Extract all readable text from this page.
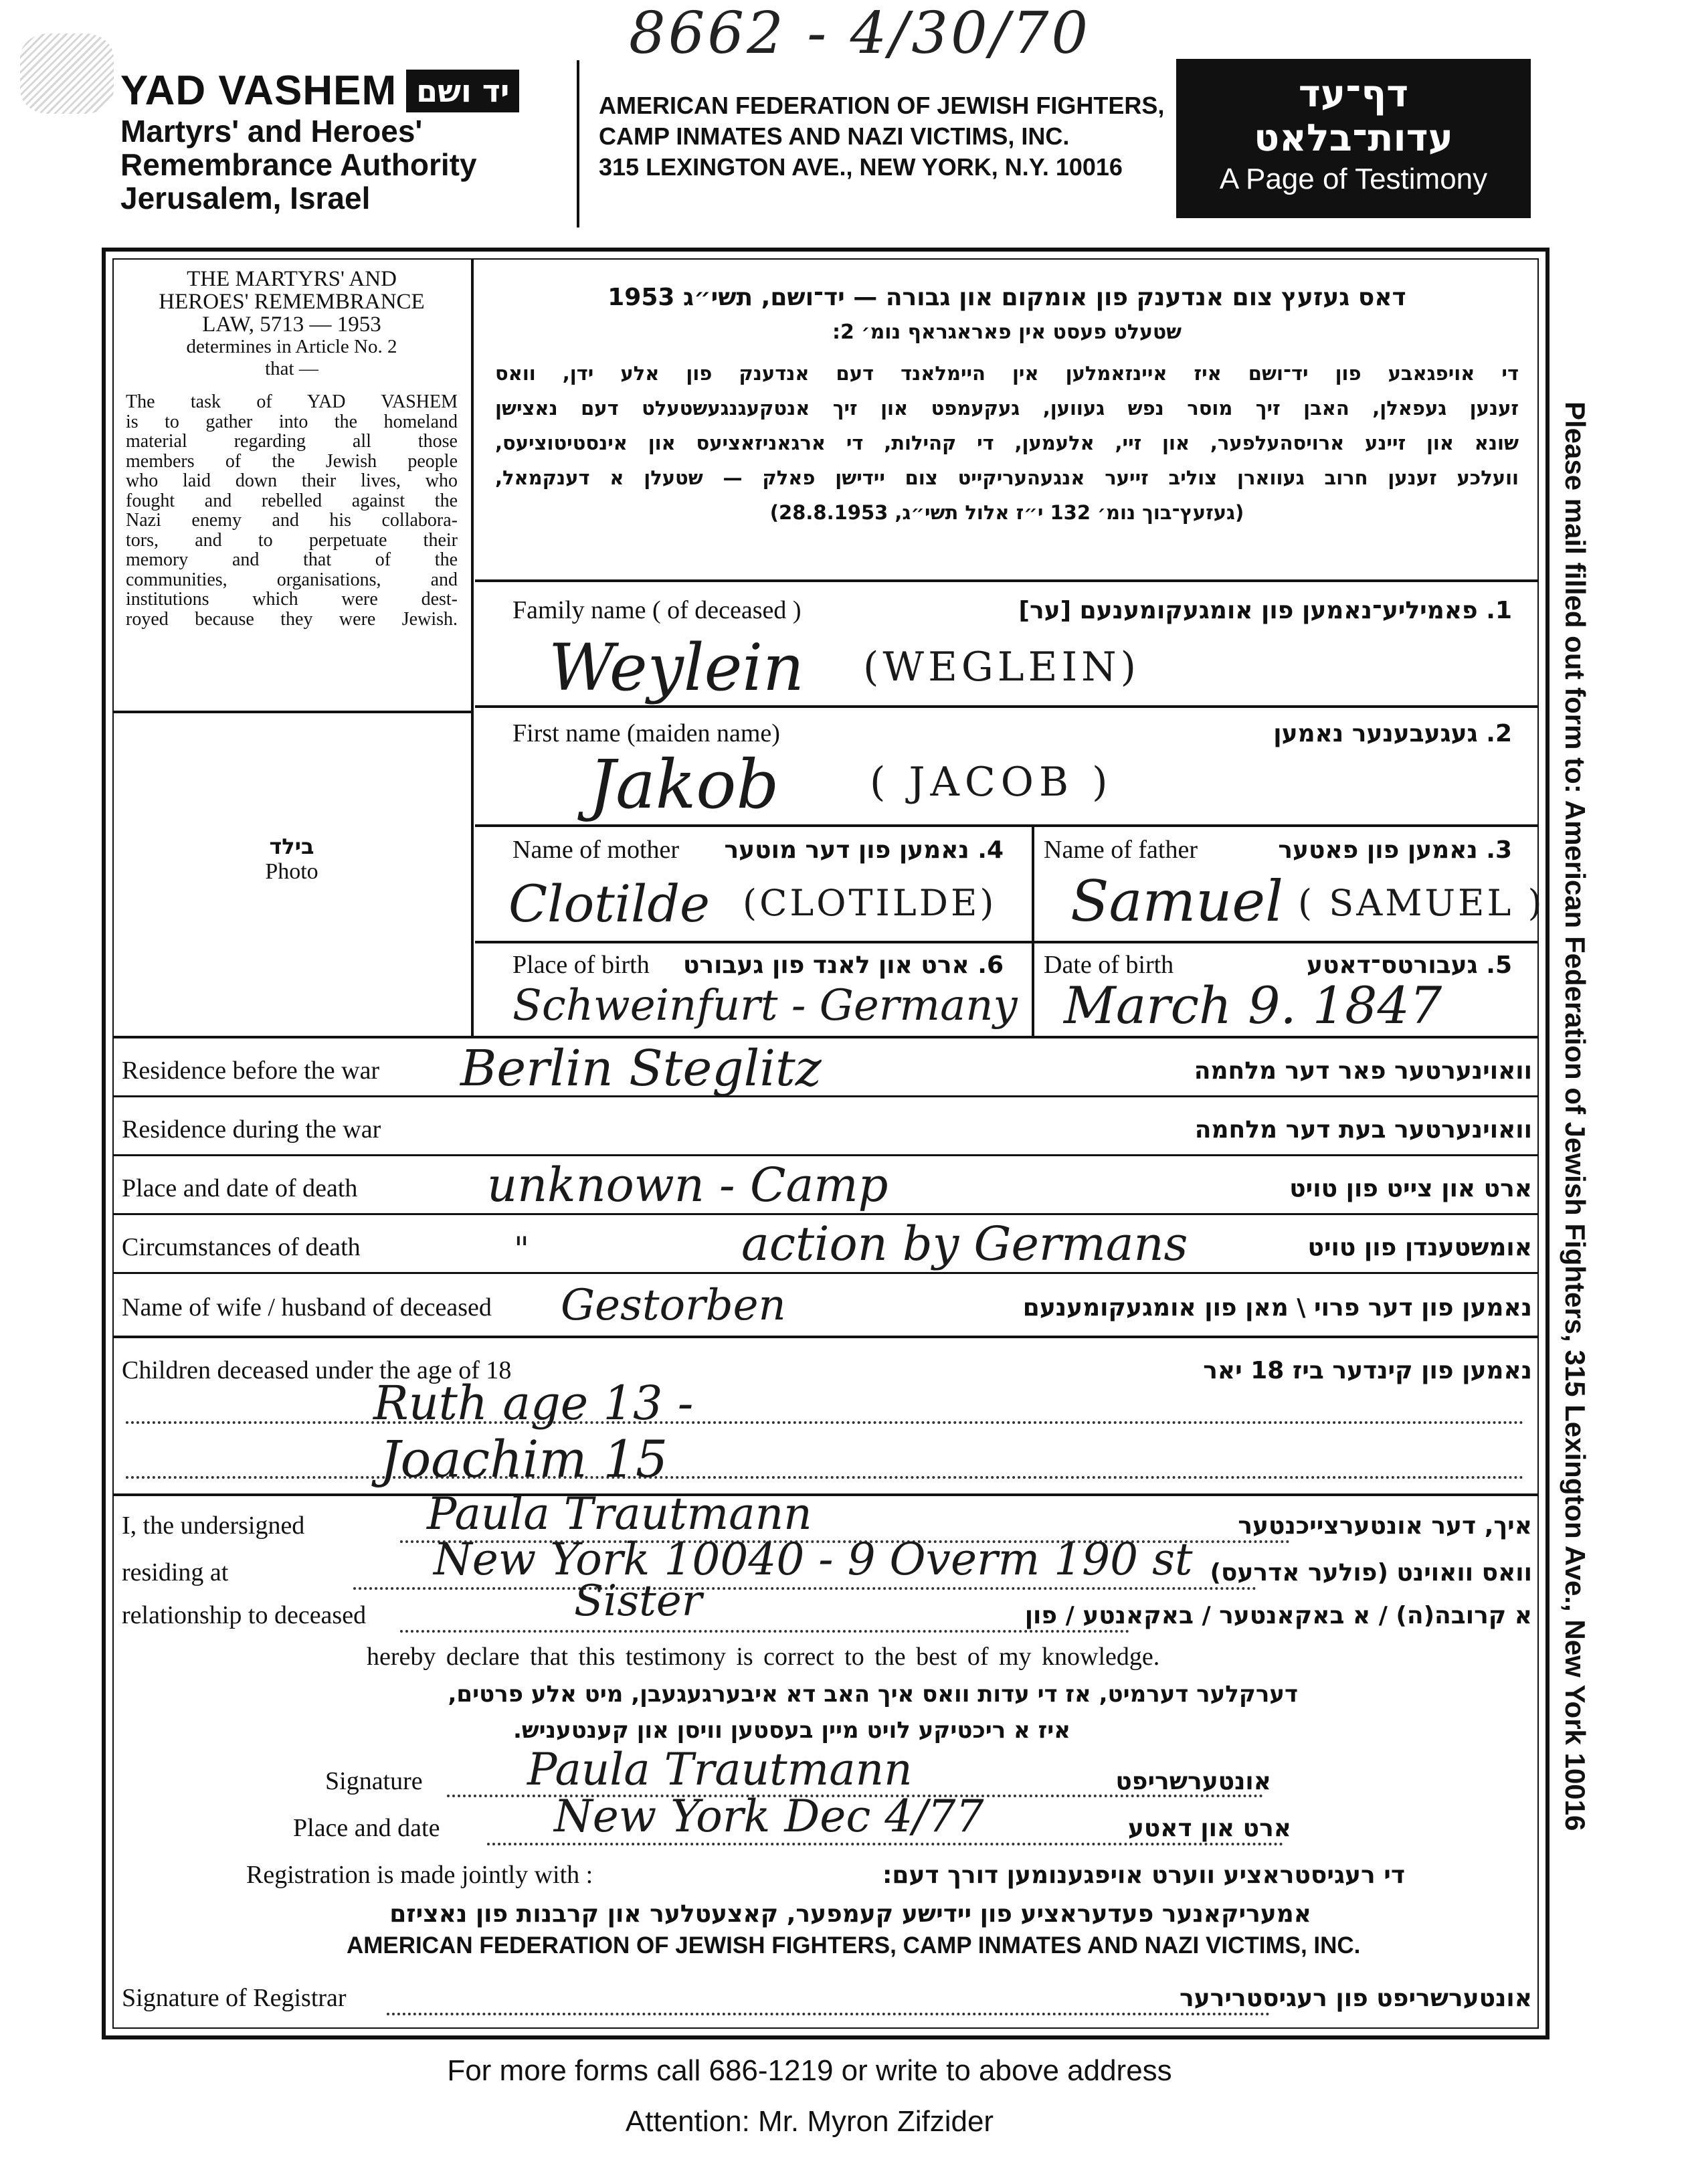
8662 - 4/30/70
YAD VASHEM יד ושם
Martyrs' and Heroes'
Remembrance Authority
Jerusalem, Israel
AMERICAN FEDERATION OF JEWISH FIGHTERS,
CAMP INMATES AND NAZI VICTIMS, INC.
315 LEXINGTON AVE., NEW YORK, N.Y. 10016
דף־עד
עדות־בלאט
A Page of Testimony
THE MARTYRS' AND
HEROES' REMEMBRANCE
LAW, 5713 — 1953
determines in Article No. 2
that —
The task of YAD VASHEM
is to gather into the homeland
material regarding all those
members of the Jewish people
who laid down their lives, who
fought and rebelled against the
Nazi enemy and his collabora-
tors, and to perpetuate their
memory and that of the
communities, organisations, and
institutions which were dest-
royed because they were Jewish.
בילד
Photo
דאס געזעץ צום אנדענק פון אומקום און גבורה — יד־ושם, תשי״ג 1953
שטעלט פעסט אין פאראגראף נומ׳ 2:
די אויפגאבע פון יד־ושם איז איינזאמלען אין היימלאנד דעם אנדענק פון אלע ידן, וואס
זענען געפאלן, האבן זיך מוסר נפש געווען, געקעמפט און זיך אנטקעגנגעשטעלט דעם נאצישן
שונא און זיינע ארויסהעלפער, און זיי, אלעמען, די קהילות, די ארגאניזאציעס און אינסטיטוציעס,
וועלכע זענען חרוב געווארן צוליב זייער אנגעהעריקייט צום יידישן פאלק — שטעלן א דענקמאל,
(געזעץ־בוך נומ׳ 132 י״ז אלול תשי״ג, 28.8.1953)
Family name ( of deceased )	1. פאמיליע־נאמען פון אומגעקומענעם [ער]
Weylein (WEGLEIN)
First name (maiden name)	2. געגעבענער נאמען
Jakob ( JACOB )
Name of mother 4. נאמען פון דער מוטער
Clotilde (CLOTILDE)
Name of father	3. נאמען פון פאטער
Samuel ( SAMUEL )
Place of birth 6. ארט און לאנד פון געבורט
Schweinfurt - Germany
Date of birth	5. געבורטס־דאטע
March 9. 1847
Residence before the war	וואוינערטער פאר דער מלחמה
Berlin Steglitz
Residence during the war	וואוינערטער בעת דער מלחמה
Place and date of death	ארט און צייט פון טויט
unknown - Camp
Circumstances of death	אומשטענדן פון טויט
"	action by Germans
Name of wife / husband of deceased	נאמען פון דער פרוי \ מאן פון אומגעקומענעם
Gestorben
Children deceased under the age of 18	נאמען פון קינדער ביז 18 יאר
Ruth age 13 -
Joachim 15
I, the undersigned	איך, דער אונטערצייכנטער
Paula Trautmann
residing at	וואס וואוינט (פולער אדרעס)
New York 10040 - 9 Overm 190 st
relationship to deceased	א קרובה(ה) / א באקאנטער / באקאנטע / פון
Sister
hereby declare that this testimony is correct to the best of my knowledge.
דערקלער דערמיט, אז די עדות וואס איך האב דא איבערגעגעבן, מיט אלע פרטים,
איז א ריכטיקע לויט מיין בעסטען וויסן און קענטעניש.
Signature	אונטערשריפט
Paula Trautmann
Place and date	ארט און דאטע
New York Dec 4/77
Registration is made jointly with :	די רעגיסטראציע ווערט אויפגענומען דורך דעם:
אמעריקאנער פעדעראציע פון יידישע קעמפער, קאצעטלער און קרבנות פון נאציזם
AMERICAN FEDERATION OF JEWISH FIGHTERS, CAMP INMATES AND NAZI VICTIMS, INC.
Signature of Registrar	אונטערשריפט פון רעגיסטרירער
Please mail filled out form to: American Federation of Jewish Fighters, 315 Lexington Ave., New York 10016
For more forms call 686-1219 or write to above address
Attention: Mr. Myron Zifzider
